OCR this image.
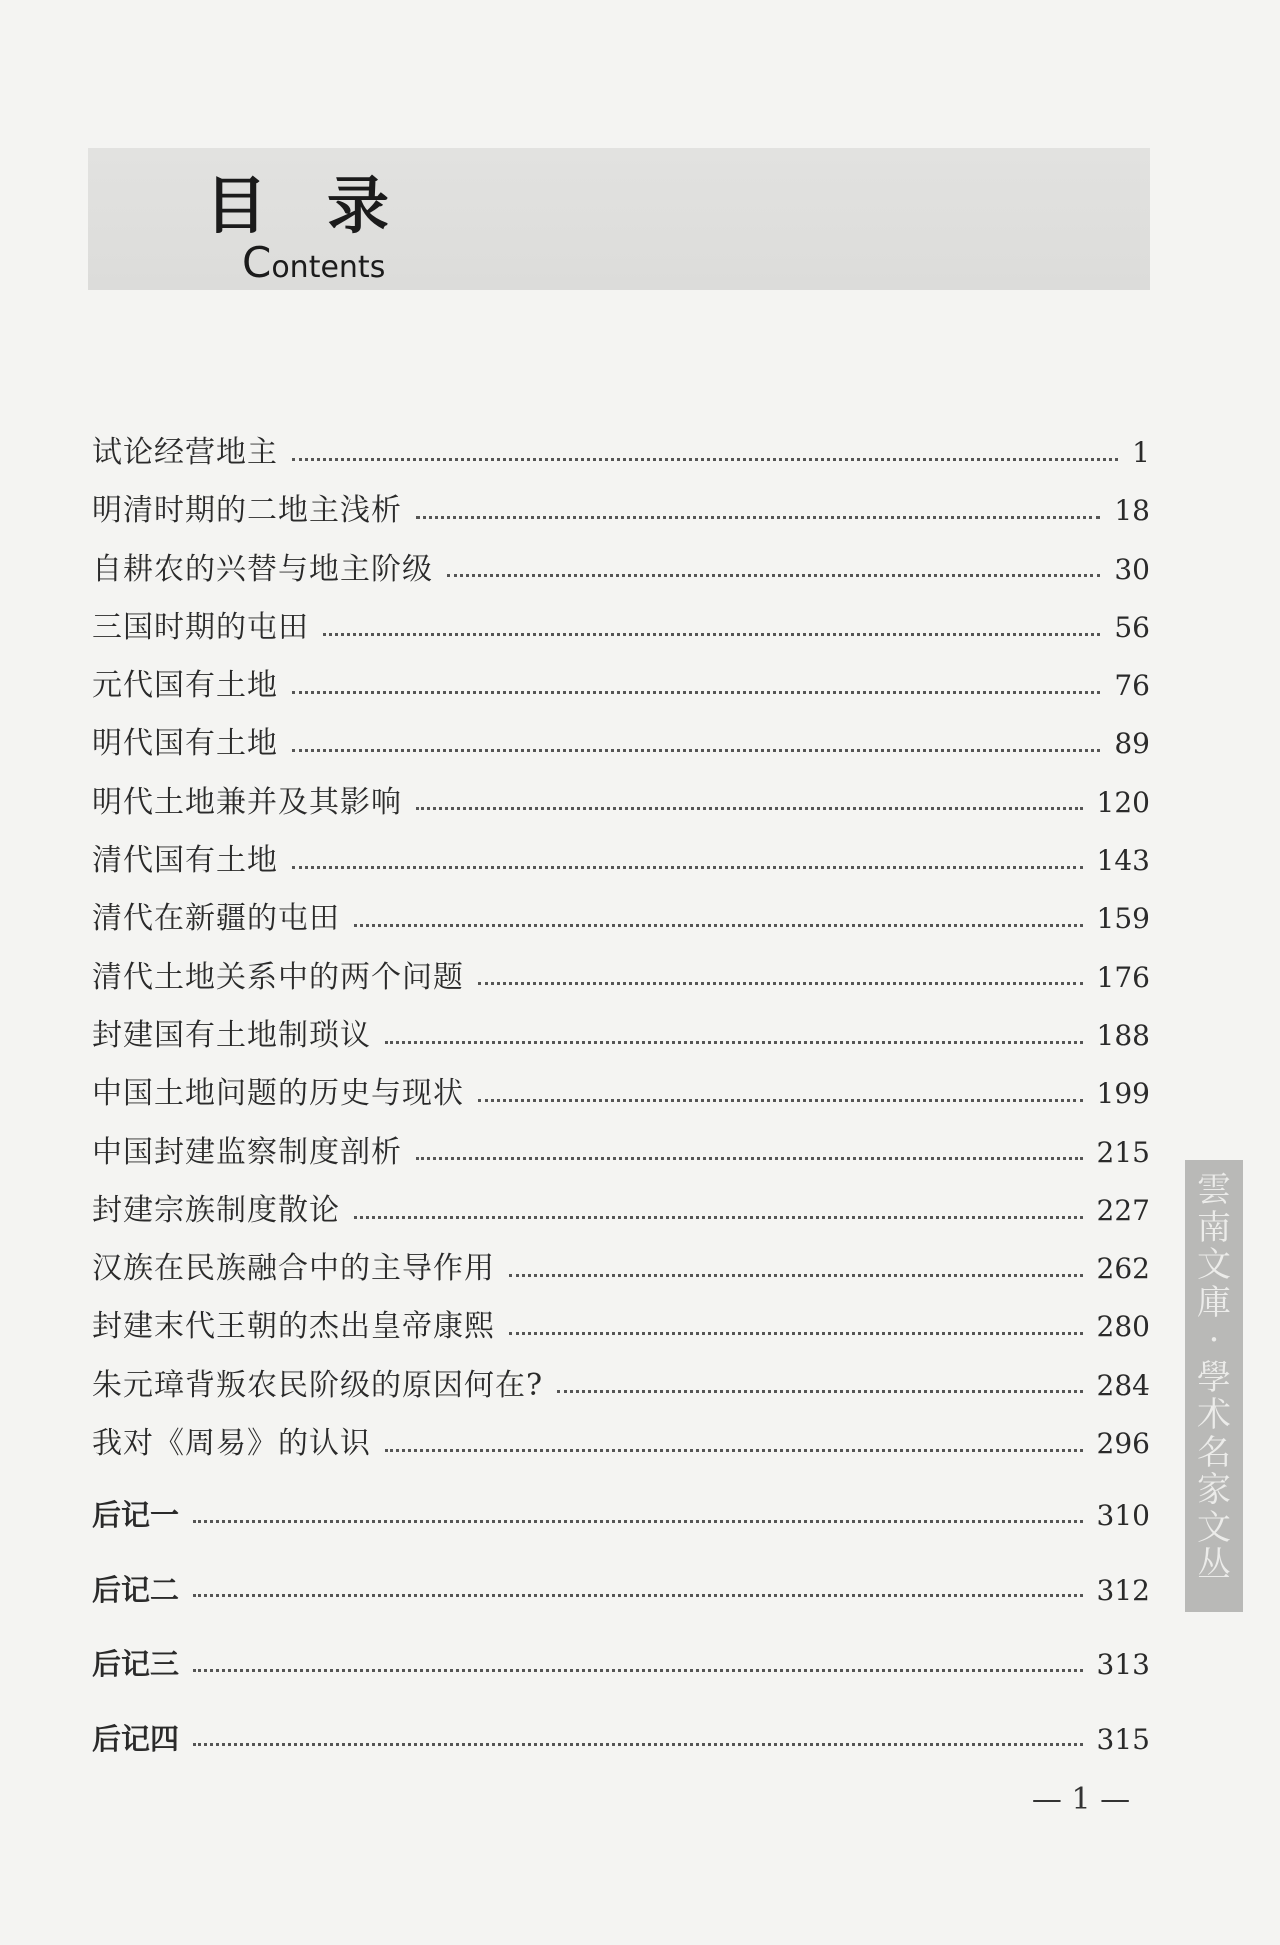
目录
Contents
试论经营地主	1
明清时期的二地主浅析	18
自耕农的兴替与地主阶级	30
三国时期的屯田	56
元代国有土地	76
明代国有土地	89
明代土地兼并及其影响	120
清代国有土地	143
清代在新疆的屯田	159
清代土地关系中的两个问题	176
封建国有土地制琐议	188
中国土地问题的历史与现状	199
中国封建监察制度剖析	215
封建宗族制度散论	227
汉族在民族融合中的主导作用	262
封建末代王朝的杰出皇帝康熙	280
朱元璋背叛农民阶级的原因何在?	284
我对《周易》的认识	296
后记一	310
后记二	312
后记三	313
后记四	315
雲
南
文
庫
·
學
术
名
家
文
丛
— 1 —
